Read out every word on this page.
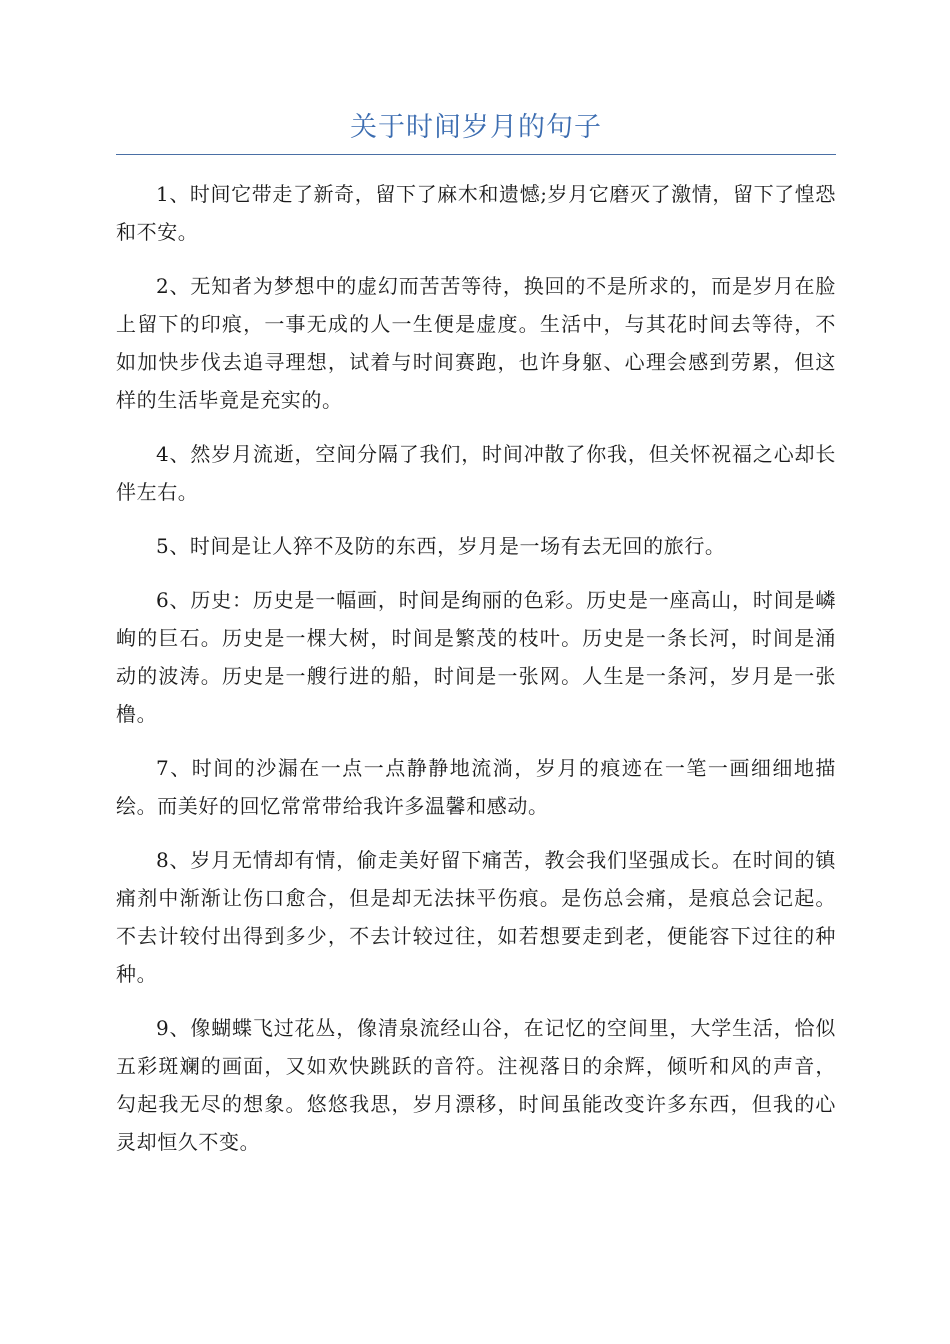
关于时间岁月的句子

1、时间它带走了新奇，留下了麻木和遗憾;岁月它磨灭了激情，留下了惶恐和不安。

2、无知者为梦想中的虚幻而苦苦等待，换回的不是所求的，而是岁月在脸上留下的印痕，一事无成的人一生便是虚度。生活中，与其花时间去等待，不如加快步伐去追寻理想，试着与时间赛跑，也许身躯、心理会感到劳累，但这样的生活毕竟是充实的。

4、然岁月流逝，空间分隔了我们，时间冲散了你我，但关怀祝福之心却长伴左右。

5、时间是让人猝不及防的东西，岁月是一场有去无回的旅行。

6、历史：历史是一幅画，时间是绚丽的色彩。历史是一座高山，时间是嶙峋的巨石。历史是一棵大树，时间是繁茂的枝叶。历史是一条长河，时间是涌动的波涛。历史是一艘行进的船，时间是一张网。人生是一条河，岁月是一张橹。

7、时间的沙漏在一点一点静静地流淌，岁月的痕迹在一笔一画细细地描绘。而美好的回忆常常带给我许多温馨和感动。

8、岁月无情却有情，偷走美好留下痛苦，教会我们坚强成长。在时间的镇痛剂中渐渐让伤口愈合，但是却无法抹平伤痕。是伤总会痛，是痕总会记起。不去计较付出得到多少，不去计较过往，如若想要走到老，便能容下过往的种种。

9、像蝴蝶飞过花丛，像清泉流经山谷，在记忆的空间里，大学生活，恰似五彩斑斓的画面，又如欢快跳跃的音符。注视落日的余辉，倾听和风的声音，勾起我无尽的想象。悠悠我思，岁月漂移，时间虽能改变许多东西，但我的心灵却恒久不变。
